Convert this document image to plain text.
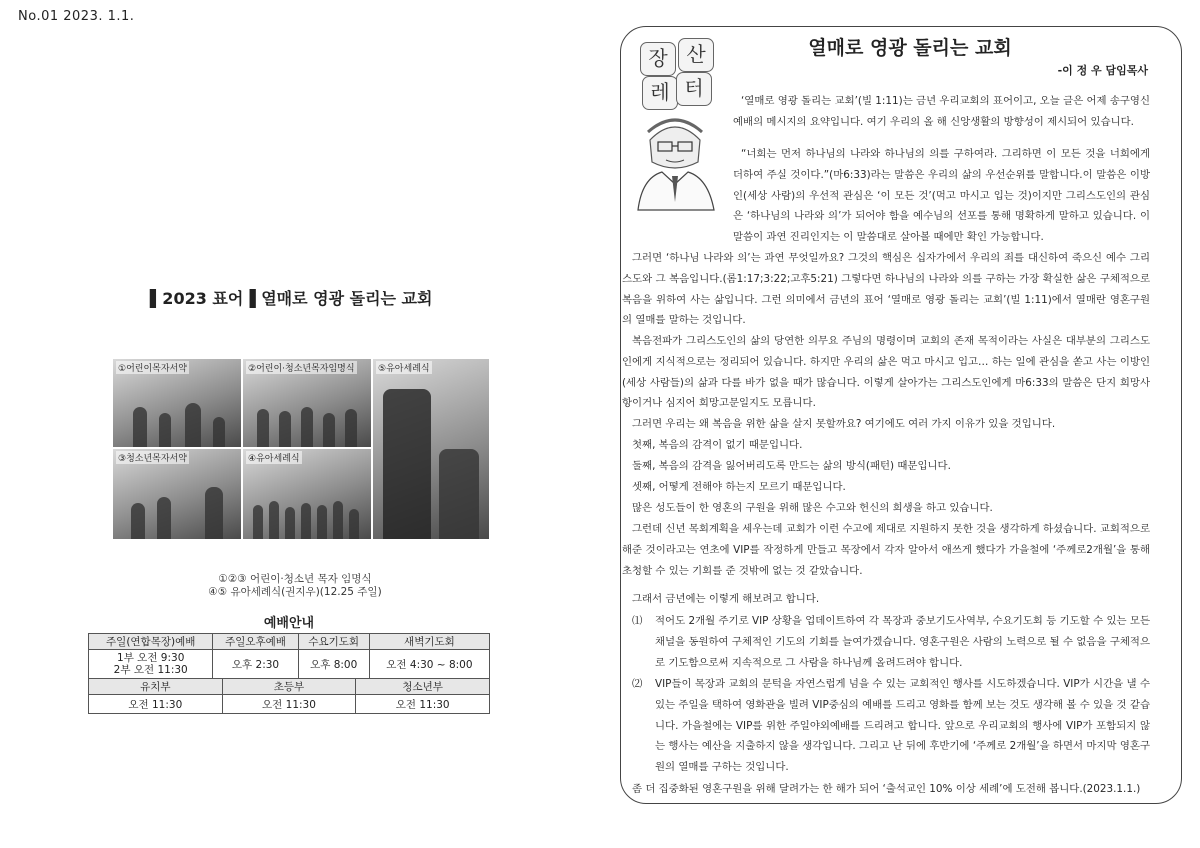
No.01 2023. 1.1.
▌2023 표어▐ 열매로 영광 돌리는 교회
①어린이목자서약	②어린이·청소년목자임명식	⑤유아세례식
③청소년목자서약	④유아세례식
①②③ 어린이·청소년 목자 임명식
④⑤ 유아세례식(권지우)(12.25 주일)
예배안내
주일(연합목장)예배	주일오후예배	수요기도회	새벽기도회

1부 오전 9:30
2부 오전 11:30	오후 2:30	오후 8:00	오전 4:30 ~ 8:00
유치부	초등부	청소년부
오전 11:30	오전 11:30	오전 11:30
장 산
레 터
열매로 영광 돌리는 교회
-이 정 우 담임목사
‘열매로 영광 돌리는 교회’(빌 1:11)는 금년 우리교회의 표어이고, 오늘 글은 어제 송구영신 예배의 메시지의 요약입니다. 여기 우리의 올 해 신앙생활의 방향성이 제시되어 있습니다.
“너희는 먼저 하나님의 나라와 하나님의 의를 구하여라. 그리하면 이 모든 것을 너희에게 더하여 주실 것이다.”(마6:33)라는 말씀은 우리의 삶의 우선순위를 말합니다.이 말씀은 이방인(세상 사람)의 우선적 관심은 ‘이 모든 것’(먹고 마시고 입는 것)이지만 그리스도인의 관심은 ‘하나님의 나라와 의’가 되어야 함을 예수님의 선포를 통해 명확하게 말하고 있습니다. 이 말씀이 과연 진리인지는 이 말씀대로 살아볼 때에만 확인 가능합니다.
그러면 ‘하나님 나라와 의’는 과연 무엇일까요? 그것의 핵심은 십자가에서 우리의 죄를 대신하여 죽으신 예수 그리스도와 그 복음입니다.(롬1:17;3:22;고후5:21) 그렇다면 하나님의 나라와 의를 구하는 가장 확실한 삶은 구체적으로 복음을 위하여 사는 삶입니다. 그런 의미에서 금년의 표어 ‘열매로 영광 돌리는 교회’(빌 1:11)에서 열매란 영혼구원의 열매를 말하는 것입니다.
복음전파가 그리스도인의 삶의 당연한 의무요 주님의 명령이며 교회의 존재 목적이라는 사실은 대부분의 그리스도인에게 지식적으로는 정리되어 있습니다. 하지만 우리의 삶은 먹고 마시고 입고… 하는 일에 관심을 쏟고 사는 이방인(세상 사람들)의 삶과 다를 바가 없을 때가 많습니다. 이렇게 살아가는 그리스도인에게 마6:33의 말씀은 단지 희망사항이거나 심지어 희망고문일지도 모릅니다.
그러면 우리는 왜 복음을 위한 삶을 살지 못할까요? 여기에도 여러 가지 이유가 있을 것입니다.
첫째, 복음의 감격이 없기 때문입니다.
둘째, 복음의 감격을 잃어버리도록 만드는 삶의 방식(패턴) 때문입니다.
셋째, 어떻게 전해야 하는지 모르기 때문입니다.
많은 성도들이 한 영혼의 구원을 위해 많은 수고와 헌신의 희생을 하고 있습니다.
그런데 신년 목회계획을 세우는데 교회가 이런 수고에 제대로 지원하지 못한 것을 생각하게 하셨습니다. 교회적으로 해준 것이라고는 연초에 VIP를 작정하게 만들고 목장에서 각자 알아서 애쓰게 했다가 가을철에 ‘주께로2개월’을 통해 초청할 수 있는 기회를 준 것밖에 없는 것 같았습니다.
그래서 금년에는 이렇게 해보려고 합니다.
⑴ 적어도 2개월 주기로 VIP 상황을 업데이트하여 각 목장과 중보기도사역부, 수요기도회 등 기도할 수 있는 모든 채널을 동원하여 구체적인 기도의 기회를 늘여가겠습니다. 영혼구원은 사람의 노력으로 될 수 없음을 구체적으로 기도함으로써 지속적으로 그 사람을 하나님께 올려드려야 합니다.
⑵ VIP들이 목장과 교회의 문턱을 자연스럽게 넘을 수 있는 교회적인 행사를 시도하겠습니다. VIP가 시간을 낼 수 있는 주일을 택하여 영화관을 빌려 VIP중심의 예배를 드리고 영화를 함께 보는 것도 생각해 볼 수 있을 것 같습니다. 가을철에는 VIP를 위한 주일야외예배를 드리려고 합니다. 앞으로 우리교회의 행사에 VIP가 포함되지 않는 행사는 예산을 지출하지 않을 생각입니다. 그리고 난 뒤에 후반기에 ‘주께로 2개월’을 하면서 마지막 영혼구원의 열매를 구하는 것입니다.
좀 더 집중화된 영혼구원을 위해 달려가는 한 해가 되어 ‘출석교인 10% 이상 세례’에 도전해 봅니다.(2023.1.1.)
